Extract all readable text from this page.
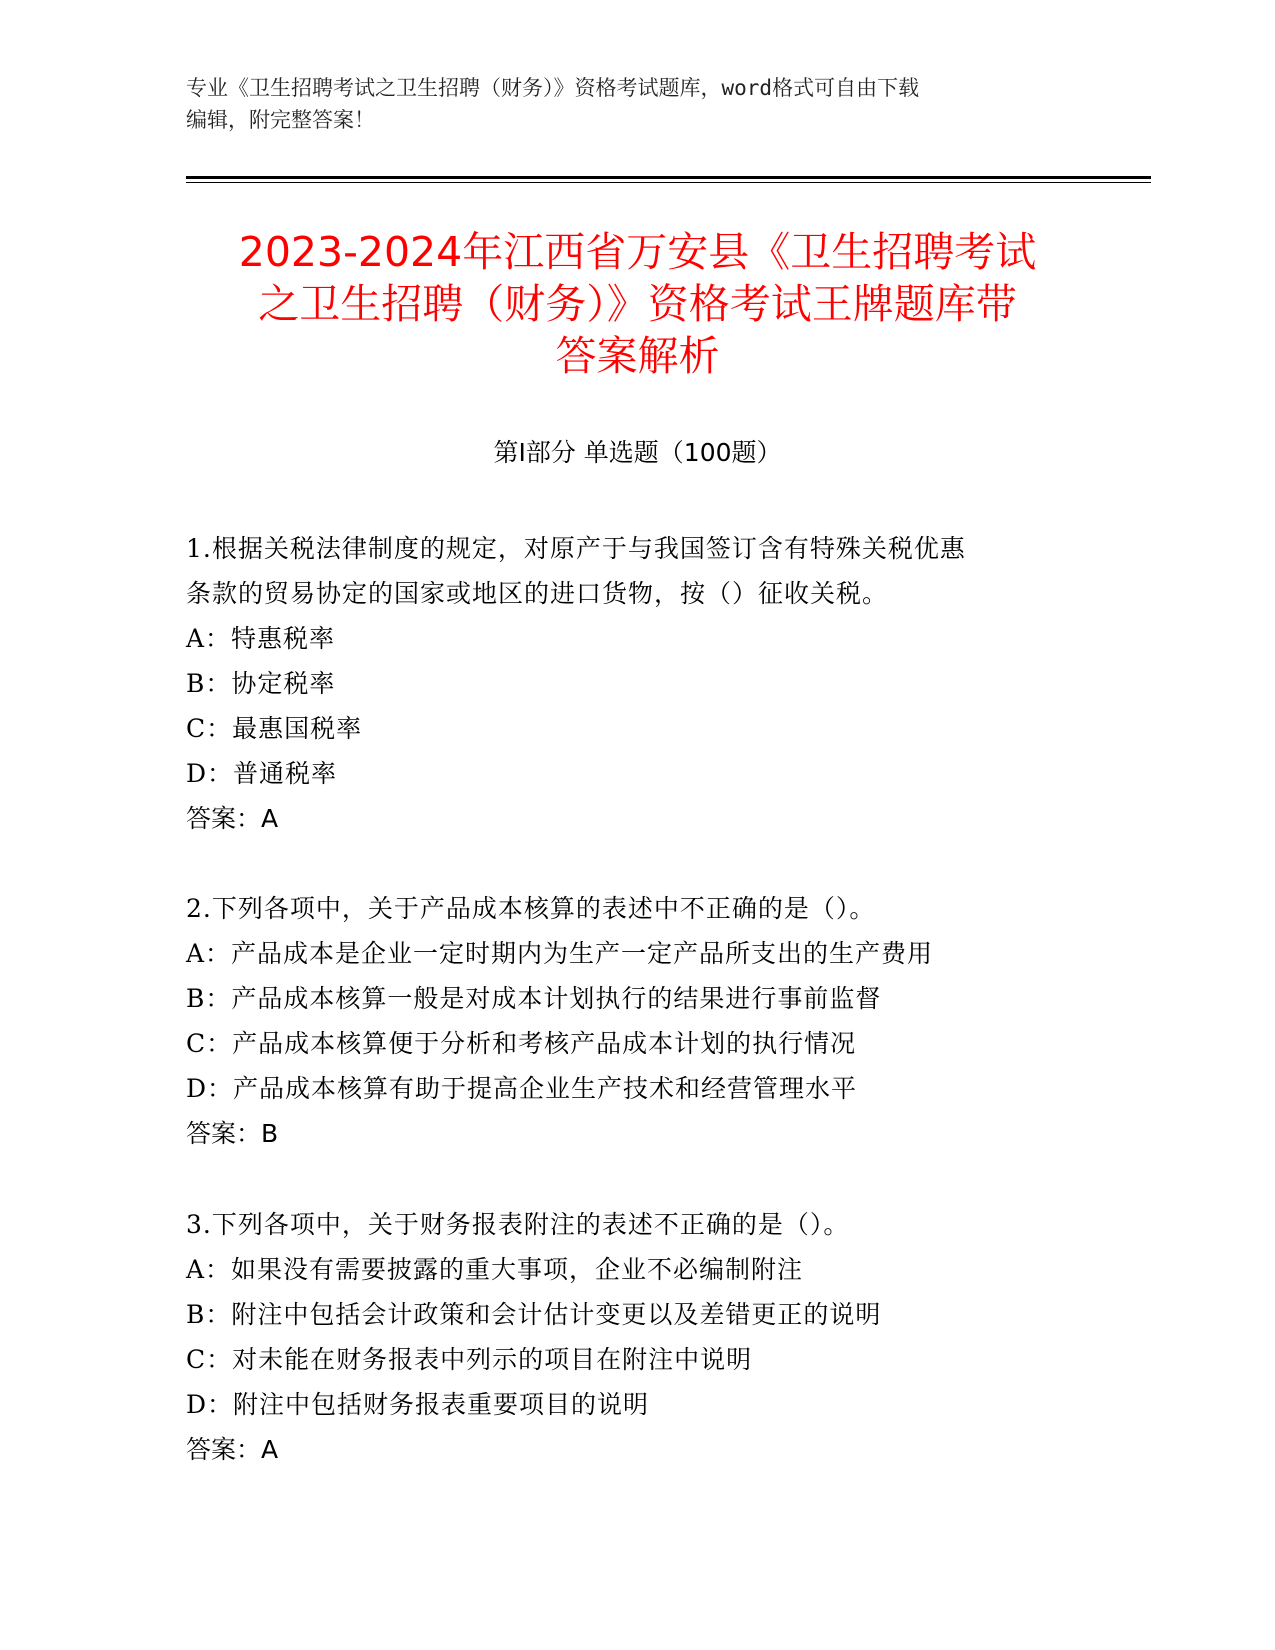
专业《卫生招聘考试之卫生招聘（财务）》资格考试题库，word格式可自由下载
编辑，附完整答案！
2023-2024年江西省万安县《卫生招聘考试
之卫生招聘（财务）》资格考试王牌题库带
答案解析
第Ⅰ部分 单选题（100题）
1.根据关税法律制度的规定，对原产于与我国签订含有特殊关税优惠
条款的贸易协定的国家或地区的进口货物，按（）征收关税。
A：特惠税率
B：协定税率
C：最惠国税率
D：普通税率
答案：A
2.下列各项中，关于产品成本核算的表述中不正确的是（）。
A：产品成本是企业一定时期内为生产一定产品所支出的生产费用
B：产品成本核算一般是对成本计划执行的结果进行事前监督
C：产品成本核算便于分析和考核产品成本计划的执行情况
D：产品成本核算有助于提高企业生产技术和经营管理水平
答案：B
3.下列各项中，关于财务报表附注的表述不正确的是（）。
A：如果没有需要披露的重大事项，企业不必编制附注
B：附注中包括会计政策和会计估计变更以及差错更正的说明
C：对未能在财务报表中列示的项目在附注中说明
D：附注中包括财务报表重要项目的说明
答案：A
